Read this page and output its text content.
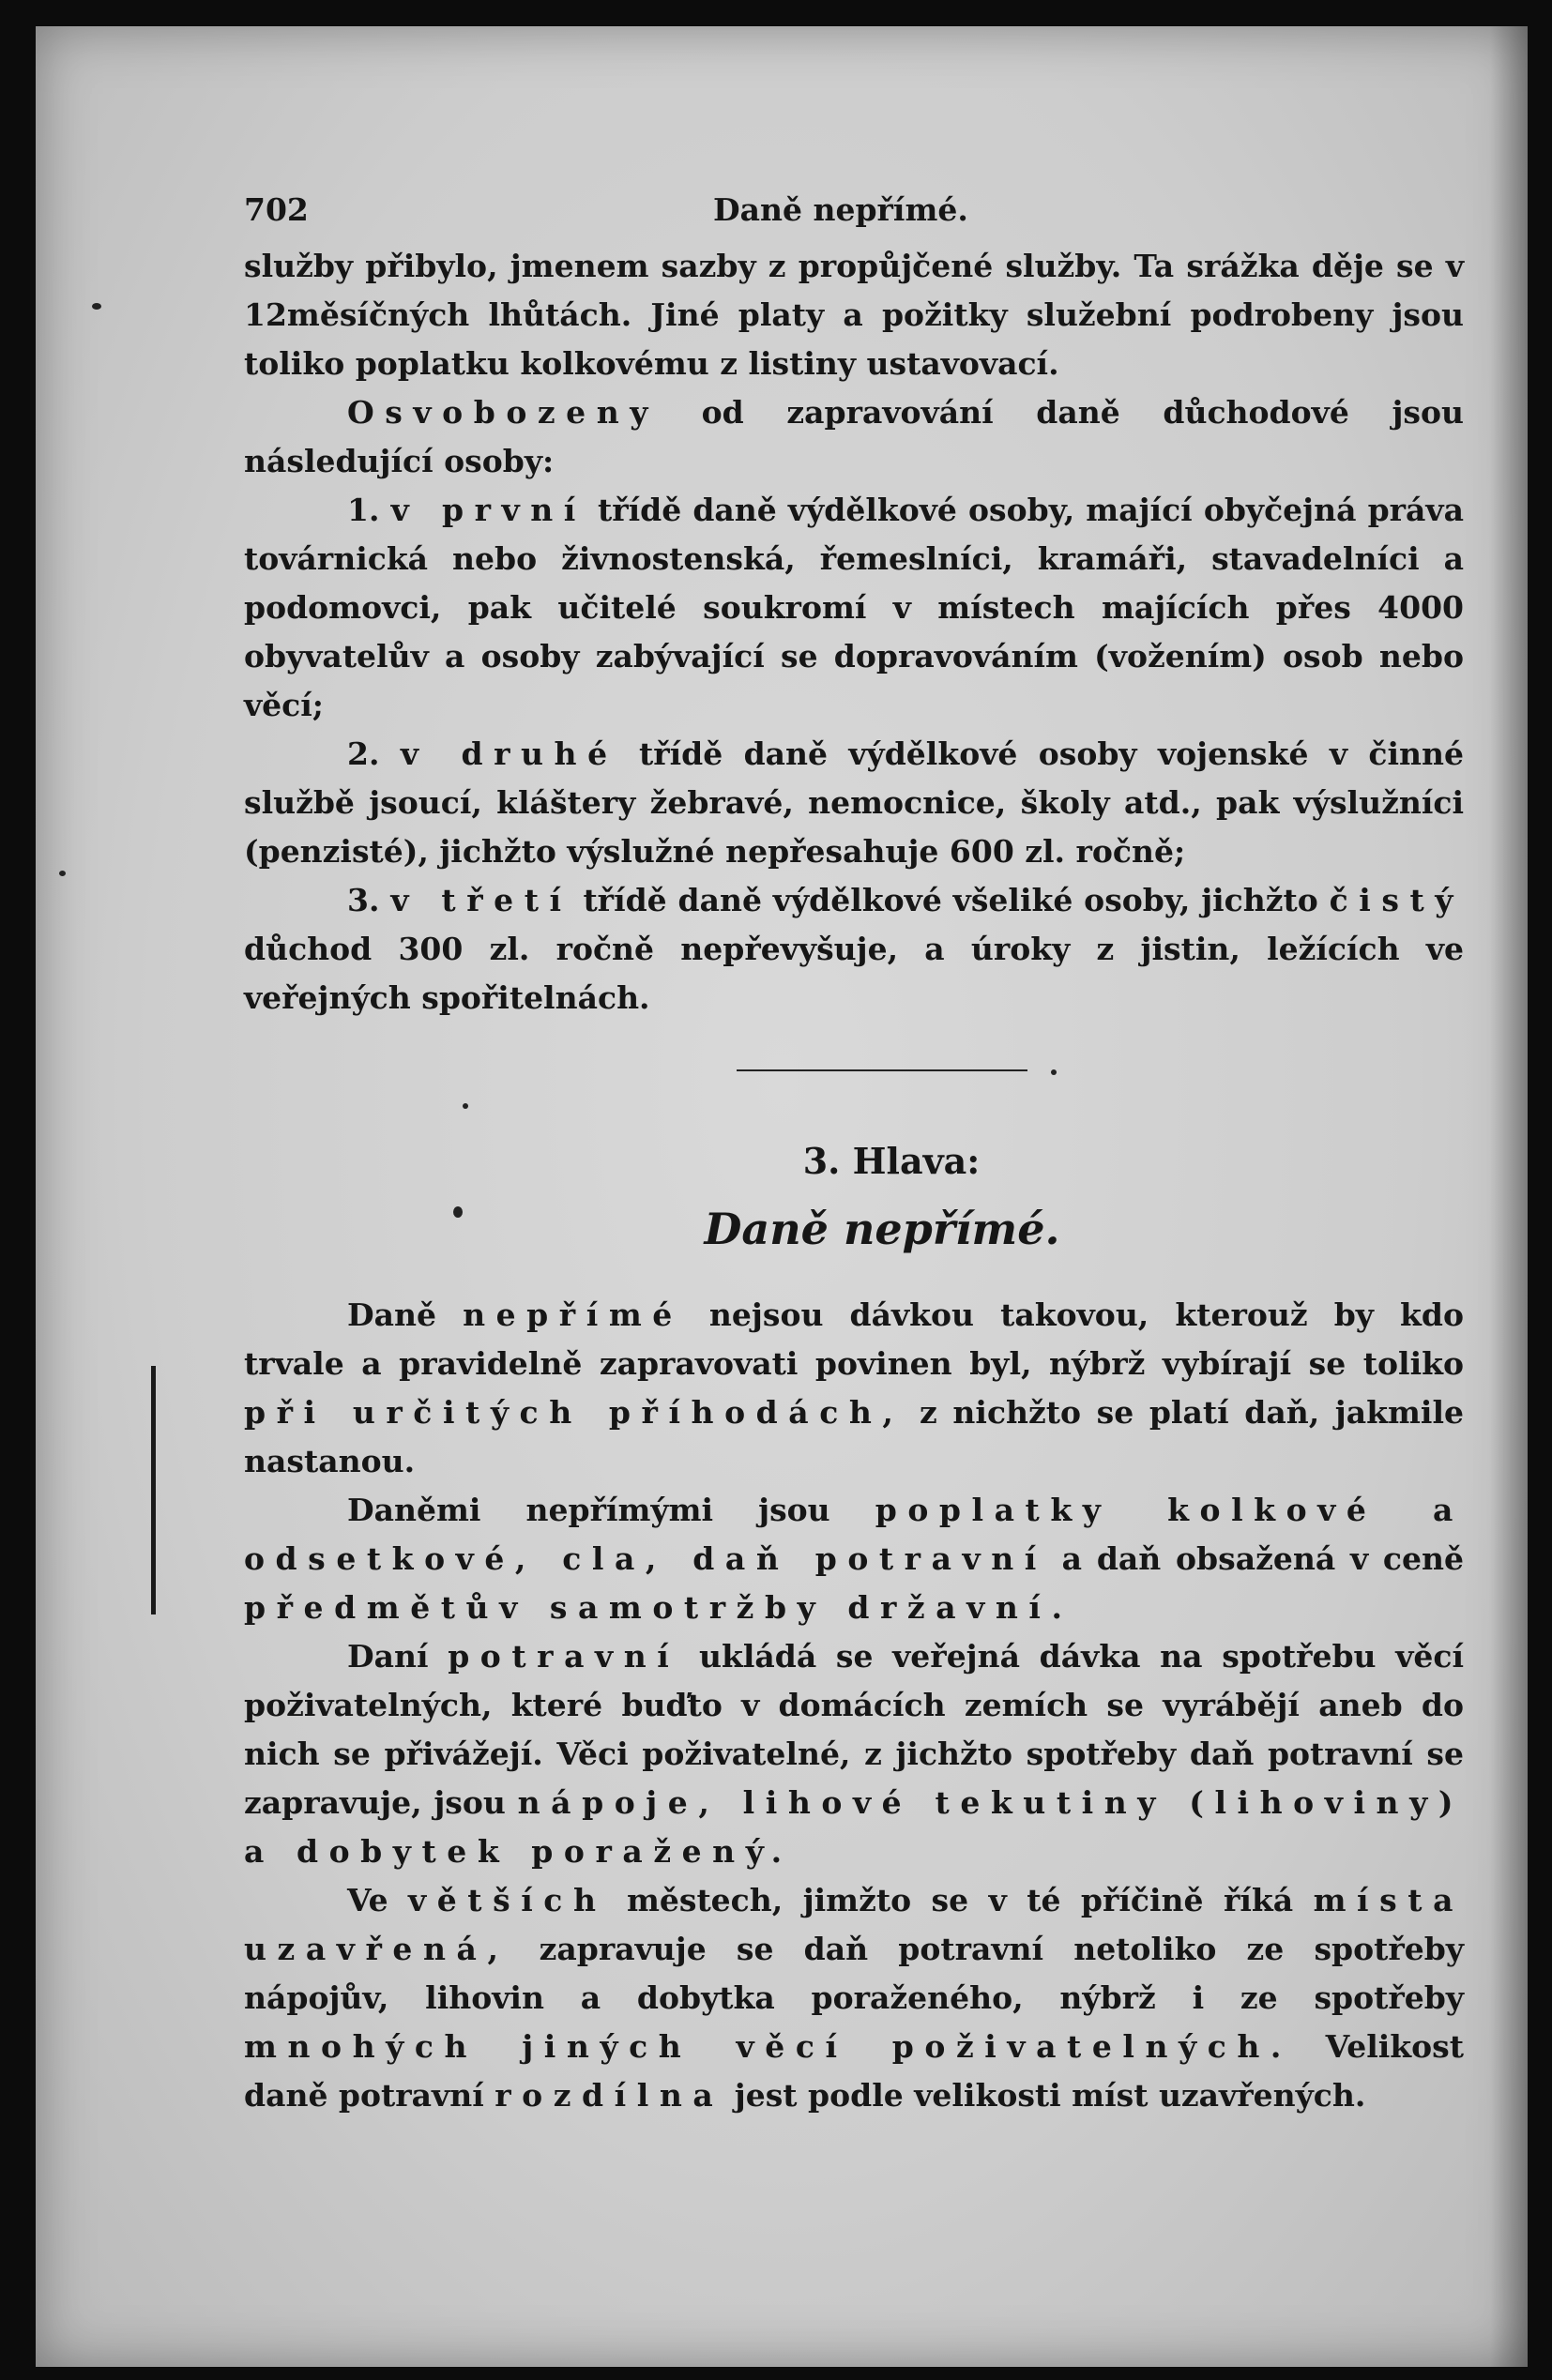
702	Daně nepřímé.

služby přibylo, jmenem sazby z propůjčené služby. Ta srážka děje se v 12měsíčných lhůtách. Jiné platy a požitky služební podrobeny jsou toliko poplatku kolkovému z listiny ustavovací.

Osvobozeny od zapravování daně důchodové jsou následující osoby:

1. v první třídě daně výdělkové osoby, mající obyčejná práva továrnická nebo živnostenská, řemeslníci, kramáři, stavadelníci a podomovci, pak učitelé soukromí v místech majících přes 4000 obyvatelův a osoby zabývající se dopravováním (vožením) osob nebo věcí;

2. v druhé třídě daně výdělkové osoby vojenské v činné službě jsoucí, kláštery žebravé, nemocnice, školy atd., pak výslužníci (penzisté), jichžto výslužné nepřesahuje 600 zl. ročně;

3. v třetí třídě daně výdělkové všeliké osoby, jichžto čistý důchod 300 zl. ročně nepřevyšuje, a úroky z jistin, ležících ve veřejných spořitelnách.

3. Hlava:
Daně nepřímé.

Daně nepřímé nejsou dávkou takovou, kterouž by kdo trvale a pravidelně zapravovati povinen byl, nýbrž vybírají se toliko při určitých příhodách, z nichžto se platí daň, jakmile nastanou.

Daněmi nepřímými jsou poplatky kolkové a odsetkové, cla, daň potravní a daň obsažená v ceně předmětův samotržby državní.

Daní potravní ukládá se veřejná dávka na spotřebu věcí poživatelných, které buďto v domácích zemích se vyrábějí aneb do nich se přivážejí. Věci poživatelné, z jichžto spotřeby daň potravní se zapravuje, jsou nápoje, lihové tekutiny (lihoviny) a dobytek poražený.

Ve větších městech, jimžto se v té příčině říká místa uzavřená, zapravuje se daň potravní netoliko ze spotřeby nápojův, lihovin a dobytka poraženého, nýbrž i ze spotřeby mnohých jiných věcí poživatelných. Velikost daně potravní rozdílna jest podle velikosti míst uzavřených.
